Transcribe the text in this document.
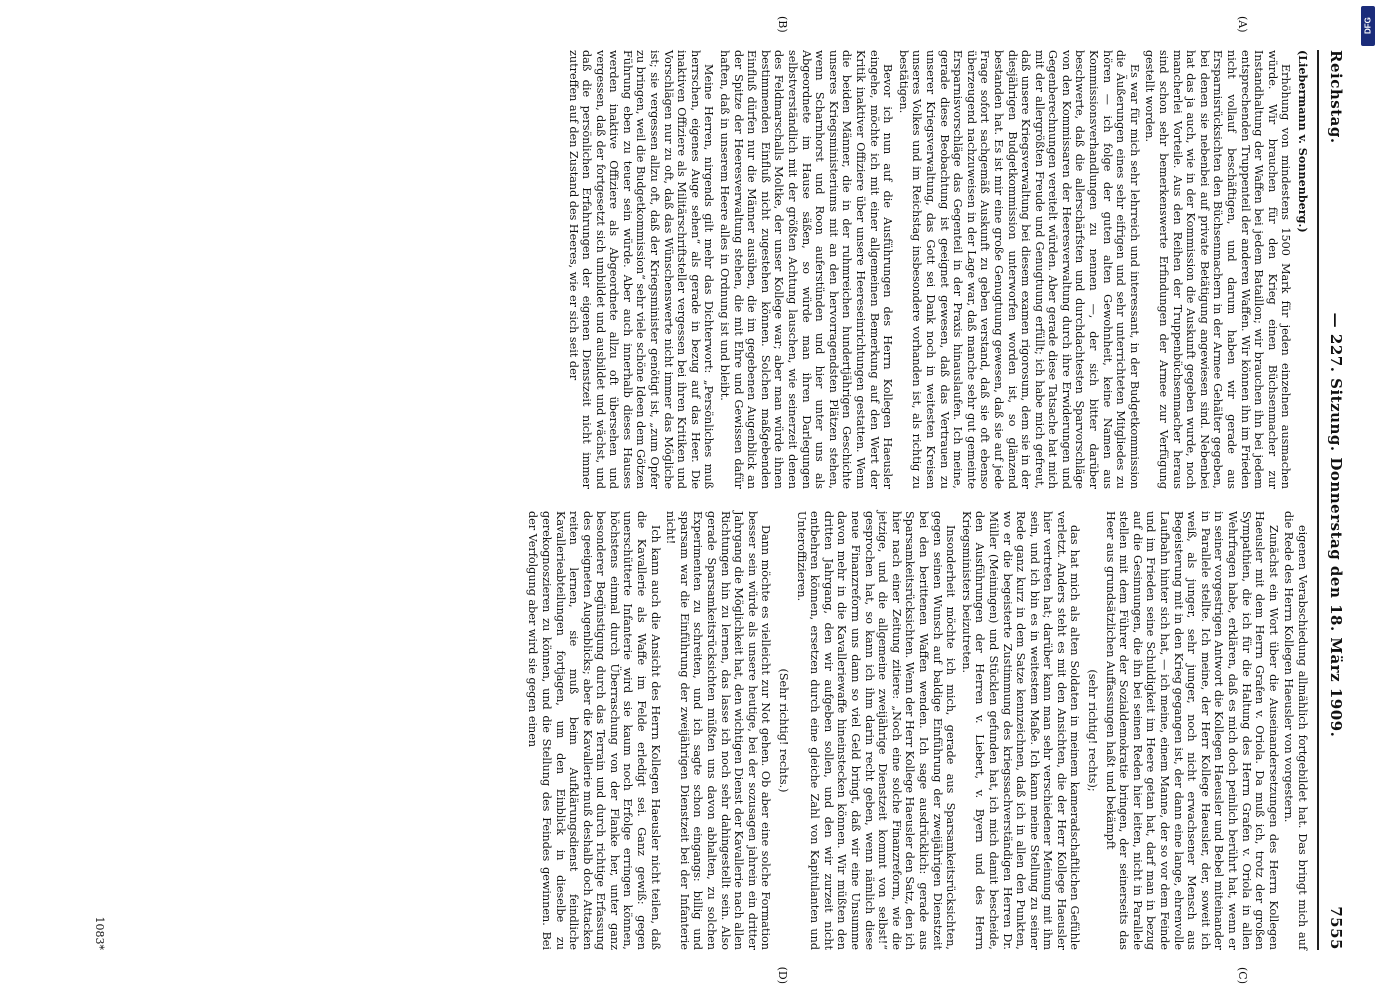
DFG
Reichstag.
— 227. Sitzung. Donnerstag den 18. März 1909.
7555
(A)
(B)

(Liebermann v. Sonnenberg.)

Erhöhung von mindestens 1500 Mark für jeden einzelnen ausmachen würde. Wir brauchen für den Krieg einen Büchsenmacher zur Instandhaltung der Waffen bei jedem Bataillon; wir brauchen ihn bei jedem entsprechenden Truppenteil der anderen Waffen. Wir können ihn im Frieden nicht vollauf beschäftigen, und darum haben wir gerade aus Ersparnisrücksichten den Büchsenmachern in der Armee Gehälter gegeben, bei denen sie nebenbei auf private Betätigung angewiesen sind. Nebenbei hat das ja auch, wie in der Kommission die Auskunft gegeben wurde, noch mancherlei Vorteile. Aus den Reihen der Truppenbüchsenmacher heraus sind schon sehr bemerkenswerte Erfindungen der Armee zur Verfügung gestellt worden.

Es war für mich sehr lehrreich und interessant, in der Budgetkommission die Äußerungen eines sehr eifrigen und sehr unterrichteten Mitgliedes zu hören — ich folge der guten alten Gewohnheit, keine Namen aus Kommissionsverhandlungen zu nennen —, der sich bitter darüber beschwerte, daß die allerschärfsten und durchdachtesten Sparvorschläge von den Kommissaren der Heeresverwaltung durch ihre Erwiderungen und Gegenberechnungen vereitelt würden. Aber gerade diese Tatsache hat mich mit der allergrößten Freude und Genugtuung erfüllt; ich habe mich gefreut, daß unsere Kriegsverwaltung bei diesem examen rigorosum, dem sie in der diesjährigen Budgetkommission unterworfen worden ist, so glänzend bestanden hat. Es ist mir eine große Genugtuung gewesen, daß sie auf jede Frage sofort sachgemäß Auskunft zu geben verstand, daß sie oft ebenso überzeugend nachzuweisen in der Lage war, daß manche sehr gut gemeinte Ersparnisvorschläge das Gegenteil in der Praxis hinauslaufen. Ich meine, gerade diese Beobachtung ist geeignet gewesen, daß das Vertrauen zu unserer Kriegsverwaltung, das Gott sei Dank noch in weitesten Kreisen unseres Volkes und im Reichstag insbesondere vorhanden ist, als richtig zu bestätigen.

Bevor ich nun auf die Ausführungen des Herrn Kollegen Haeusler eingehe, möchte ich mit einer allgemeinen Bemerkung auf den Wert der Kritik inaktiver Offiziere über unsere Heereseinrichtungen gestatten. Wenn die beiden Männer, die in der ruhmreichen hundertjährigen Geschichte unseres Kriegsministeriums mit an den hervorragendsten Plätzen stehen, wenn Scharnhorst und Roon auferstünden und hier unter uns als Abgeordnete im Hause säßen, so würde man ihren Darlegungen selbstverständlich mit der größten Achtung lauschen, wie seinerzeit denen des Feldmarschalls Moltke, der unser Kollege war; aber man würde ihnen bestimmenden Einfluß nicht zugestehen können. Solchen maßgebenden Einfluß dürfen nur die Männer ausüben, die im gegebenen Augenblick an der Spitze der Heeresverwaltung stehen, die mit Ehre und Gewissen dafür haften, daß in unserem Heere alles in Ordnung ist und bleibt.

Meine Herren, nirgends gilt mehr das Dichterwort: „Persönliches muß herrschen, eigenes Auge sehen“ als gerade in bezug auf das Heer. Die inaktiven Offiziere als Militärschriftsteller vergessen bei ihren Kritiken und Vorschlägen nur zu oft, daß das Wünschenswerte nicht immer das Mögliche ist; sie vergessen allzu oft, daß der Kriegsminister genötigt ist, „zum Opfer zu bringen, weil die Budgetkommission“ sehr viele schöne Ideen dem Götzen Führung eben zu teuer sein würde. Aber auch innerhalb dieses Hauses werden inaktive Offiziere als Abgeordnete allzu oft übersehen und vergessen, daß der fortgesetzt sich umbildet und ausbildet und wächst, und daß die persönlichen Erfahrungen der eigenen Dienstzeit nicht immer zutreffen auf den Zustand des Heeres, wie er sich seit der

(C)
(D)

eigenen Verabschiedung allmählich fortgebildet hat. Das bringt mich auf die Rede des Herrn Kollegen Haeusler von vorgestern.

Zunächst ein Wort über die Auseinandersetzungen des Herrn Kollegen Haeusler mit dem Herrn Grafen v. Oriola. Da muß ich, trotz der großen Sympathien, die ich für die Haltung des Herrn Grafen v. Oriola in allen Wehrfragen habe, erklären, daß es mich doch peinlich berührt hat, wenn er in seiner vorgestrigen Antwort die Kollegen Haeusler und Bebel miteinander in Parallele stellte. Ich meine, der Herr Kollege Haeusler, der, soweit ich weiß, als junger, sehr junger, noch nicht erwachsener Mensch aus Begeisterung mit in den Krieg gegangen ist, der dann eine lange, ehrenvolle Laufbahn hinter sich hat, — ich meine, einem Manne, der so vor dem Feinde und im Frieden seine Schuldigkeit im Heere getan hat, darf man in bezug auf die Gesinnungen, die ihn bei seinen Reden hier leiten, nicht in Parallele stellen mit dem Führer der Sozialdemokratie bringen, der seinerseits das Heer aus grundsätzlichen Auffassungen haßt und bekämpft

(sehr richtig! rechts);

das hat mich als alten Soldaten in meinem kameradschaftlichen Gefühle verletzt. Anders steht es mit den Ansichten, die der Herr Kollege Haeusler hier vertreten hat; darüber kann man sehr verschiedener Meinung mit ihm sein, und ich bin es in weitestem Maße. Ich kann meine Stellung zu seiner Rede ganz kurz in dem Satze kennzeichnen, daß ich in allen den Punkten, wo er die begeisterte Zustimmung des kriegssachverständigen Herren Dr. Müller (Meiningen) und Stücklen gefunden hat, ich mich damit bescheide, den Ausführungen der Herren v. Liebert, v. Byern und des Herrn Kriegsministers beizutreten.

Insonderheit möchte ich mich, gerade aus Sparsamkeitsrücksichten, gegen seinen Wunsch auf baldige Einführung der zweijährigen Dienstzeit bei den berittenen Waffen wenden. Ich sage ausdrücklich: gerade aus Sparsamkeitsrücksichten. Wenn der Herr Kollege Haeusler den Satz, den ich hier nach einer Zeitung zitiere: „Noch eine solche Finanzreform, wie die jetzige, und die allgemeine zweijährige Dienstzeit kommt von selbst!“ gesprochen hat, so kann ich ihm darin recht geben, wenn nämlich diese neue Finanzreform uns dann so viel Geld bringt, daß wir eine Unsumme davon mehr in die Kavalleriewaffe hineinstecken können. Wir müßten den dritten Jahrgang, den wir aufgeben sollen, und den wir zurzeit nicht entbehren können, ersetzen durch eine gleiche Zahl von Kapitulanten und Unteroffizieren.

(Sehr richtig! rechts.)

Dann möchte es vielleicht zur Not gehen. Ob aber eine solche Formation besser sein würde als unsere heutige, bei der sozusagen jahrein ein dritter Jahrgang die Möglichkeit hat, den wichtigen Dienst der Kavallerie nach allen Richtungen hin zu lernen, das lasse ich noch sehr dahingestellt sein. Also gerade Sparsamkeitsrücksichten müßten uns davon abhalten, zu solchen Experimenten zu schreiten, und ich sagte schon eingangs: billig und sparsam war die Einführung der zweijährigen Dienstzeit bei der Infanterie nicht!

Ich kann auch die Ansicht des Herrn Kollegen Haeusler nicht teilen, daß die Kavallerie als Waffe im Felde erledigt sei. Ganz gewiß: gegen unerschütterte Infanterie wird sie kaum noch Erfolge erringen können, höchstens einmal durch Überraschung von der Flanke her, unter ganz besonderer Begünstigung durch das Terrain und durch richtige Erfassung des geeigneten Augenblicks; aber die Kavallerie muß deshalb doch Attacken reiten lernen, sie muß beim Aufklärungsdienst feindliche Kavallerieabteilungen fortjagen, um den Einblick in dieselbe zu gerekognoszieren zu können, und die Stellung des Feindes gewinnen. Bei der Verfolgung aber wird sie gegen einen

1083*
